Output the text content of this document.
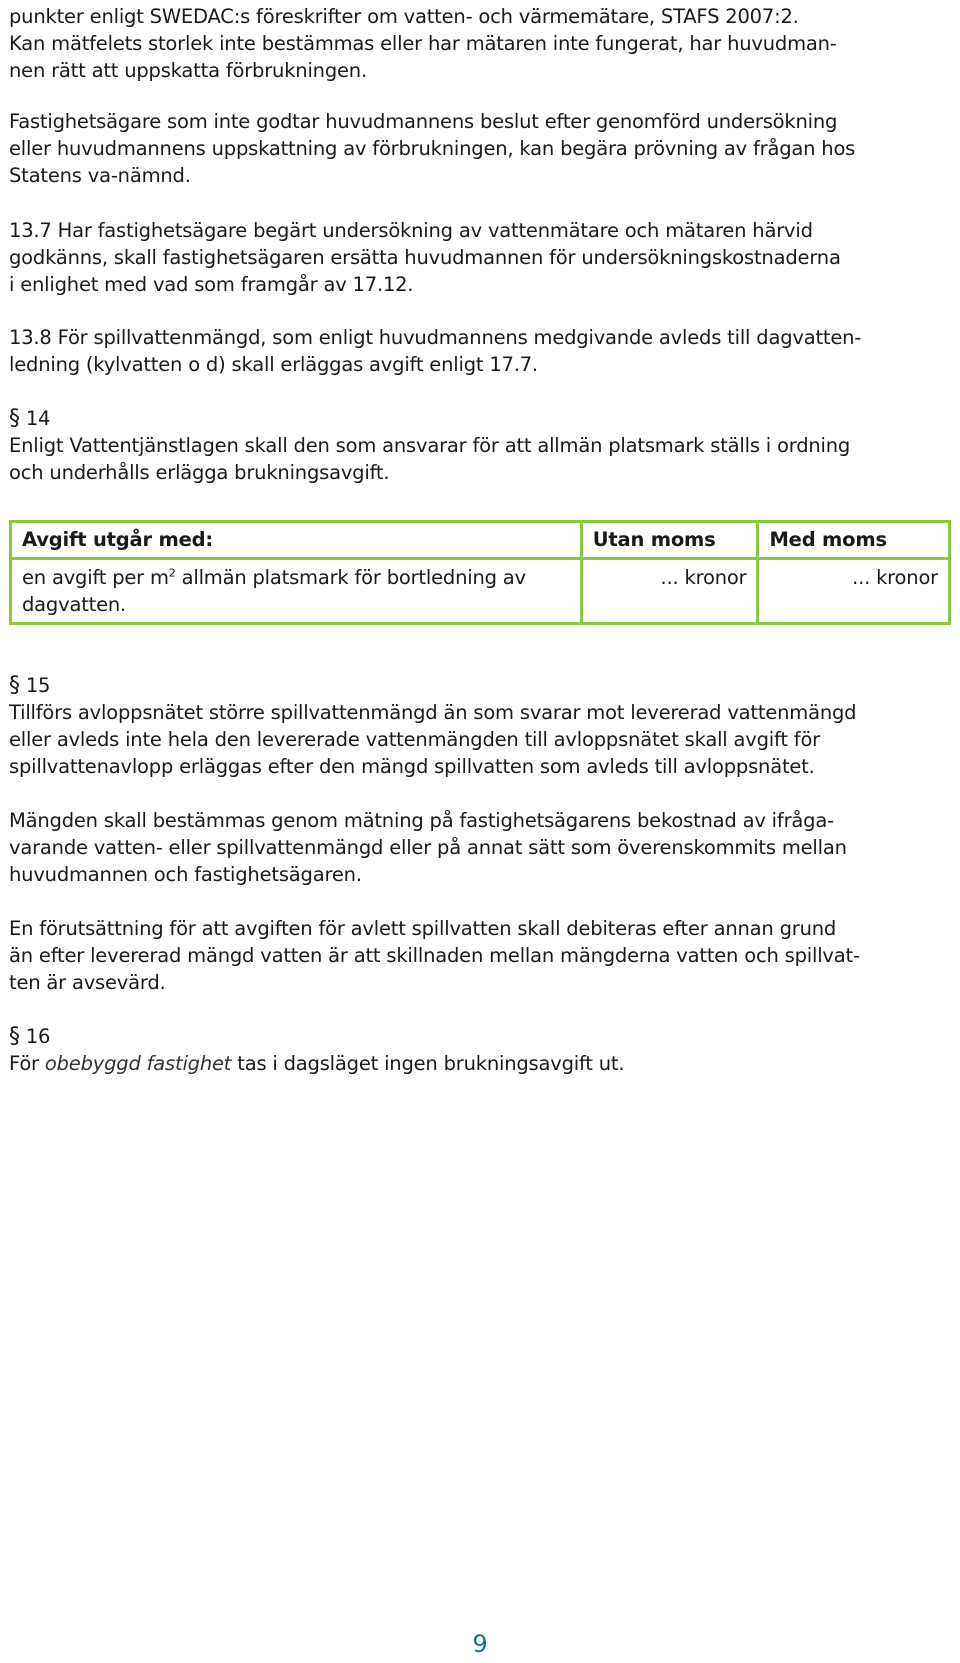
punkter enligt SWEDAC:s föreskrifter om vatten- och värmemätare, STAFS 2007:2.
Kan mätfelets storlek inte bestämmas eller har mätaren inte fungerat, har huvudman-
nen rätt att uppskatta förbrukningen.

Fastighetsägare som inte godtar huvudmannens beslut efter genomförd undersökning
eller huvudmannens uppskattning av förbrukningen, kan begära prövning av frågan hos
Statens va-nämnd.

13.7 Har fastighetsägare begärt undersökning av vattenmätare och mätaren härvid
godkänns, skall fastighetsägaren ersätta huvudmannen för undersökningskostnaderna
i enlighet med vad som framgår av 17.12.

13.8 För spillvattenmängd, som enligt huvudmannens medgivande avleds till dagvatten-
ledning (kylvatten o d) skall erläggas avgift enligt 17.7.

§ 14

Enligt Vattentjänstlagen skall den som ansvarar för att allmän platsmark ställs i ordning
och underhålls erlägga brukningsavgift.

Avgift utgår med:	Utan moms	Med moms
en avgift per $m^2$ allmän platsmark för bortledning av
dagvatten.	... kronor	... kronor

§ 15

Tillförs avloppsnätet större spillvattenmängd än som svarar mot levererad vattenmängd
eller avleds inte hela den levererade vattenmängden till avloppsnätet skall avgift för
spillvattenavlopp erläggas efter den mängd spillvatten som avleds till avloppsnätet.

Mängden skall bestämmas genom mätning på fastighetsägarens bekostnad av ifråga-
varande vatten- eller spillvattenmängd eller på annat sätt som överenskommits mellan
huvudmannen och fastighetsägaren.

En förutsättning för att avgiften för avlett spillvatten skall debiteras efter annan grund
än efter levererad mängd vatten är att skillnaden mellan mängderna vatten och spillvat-
ten är avsevärd.

§ 16

För obebyggd fastighet tas i dagsläget ingen brukningsavgift ut.

9
